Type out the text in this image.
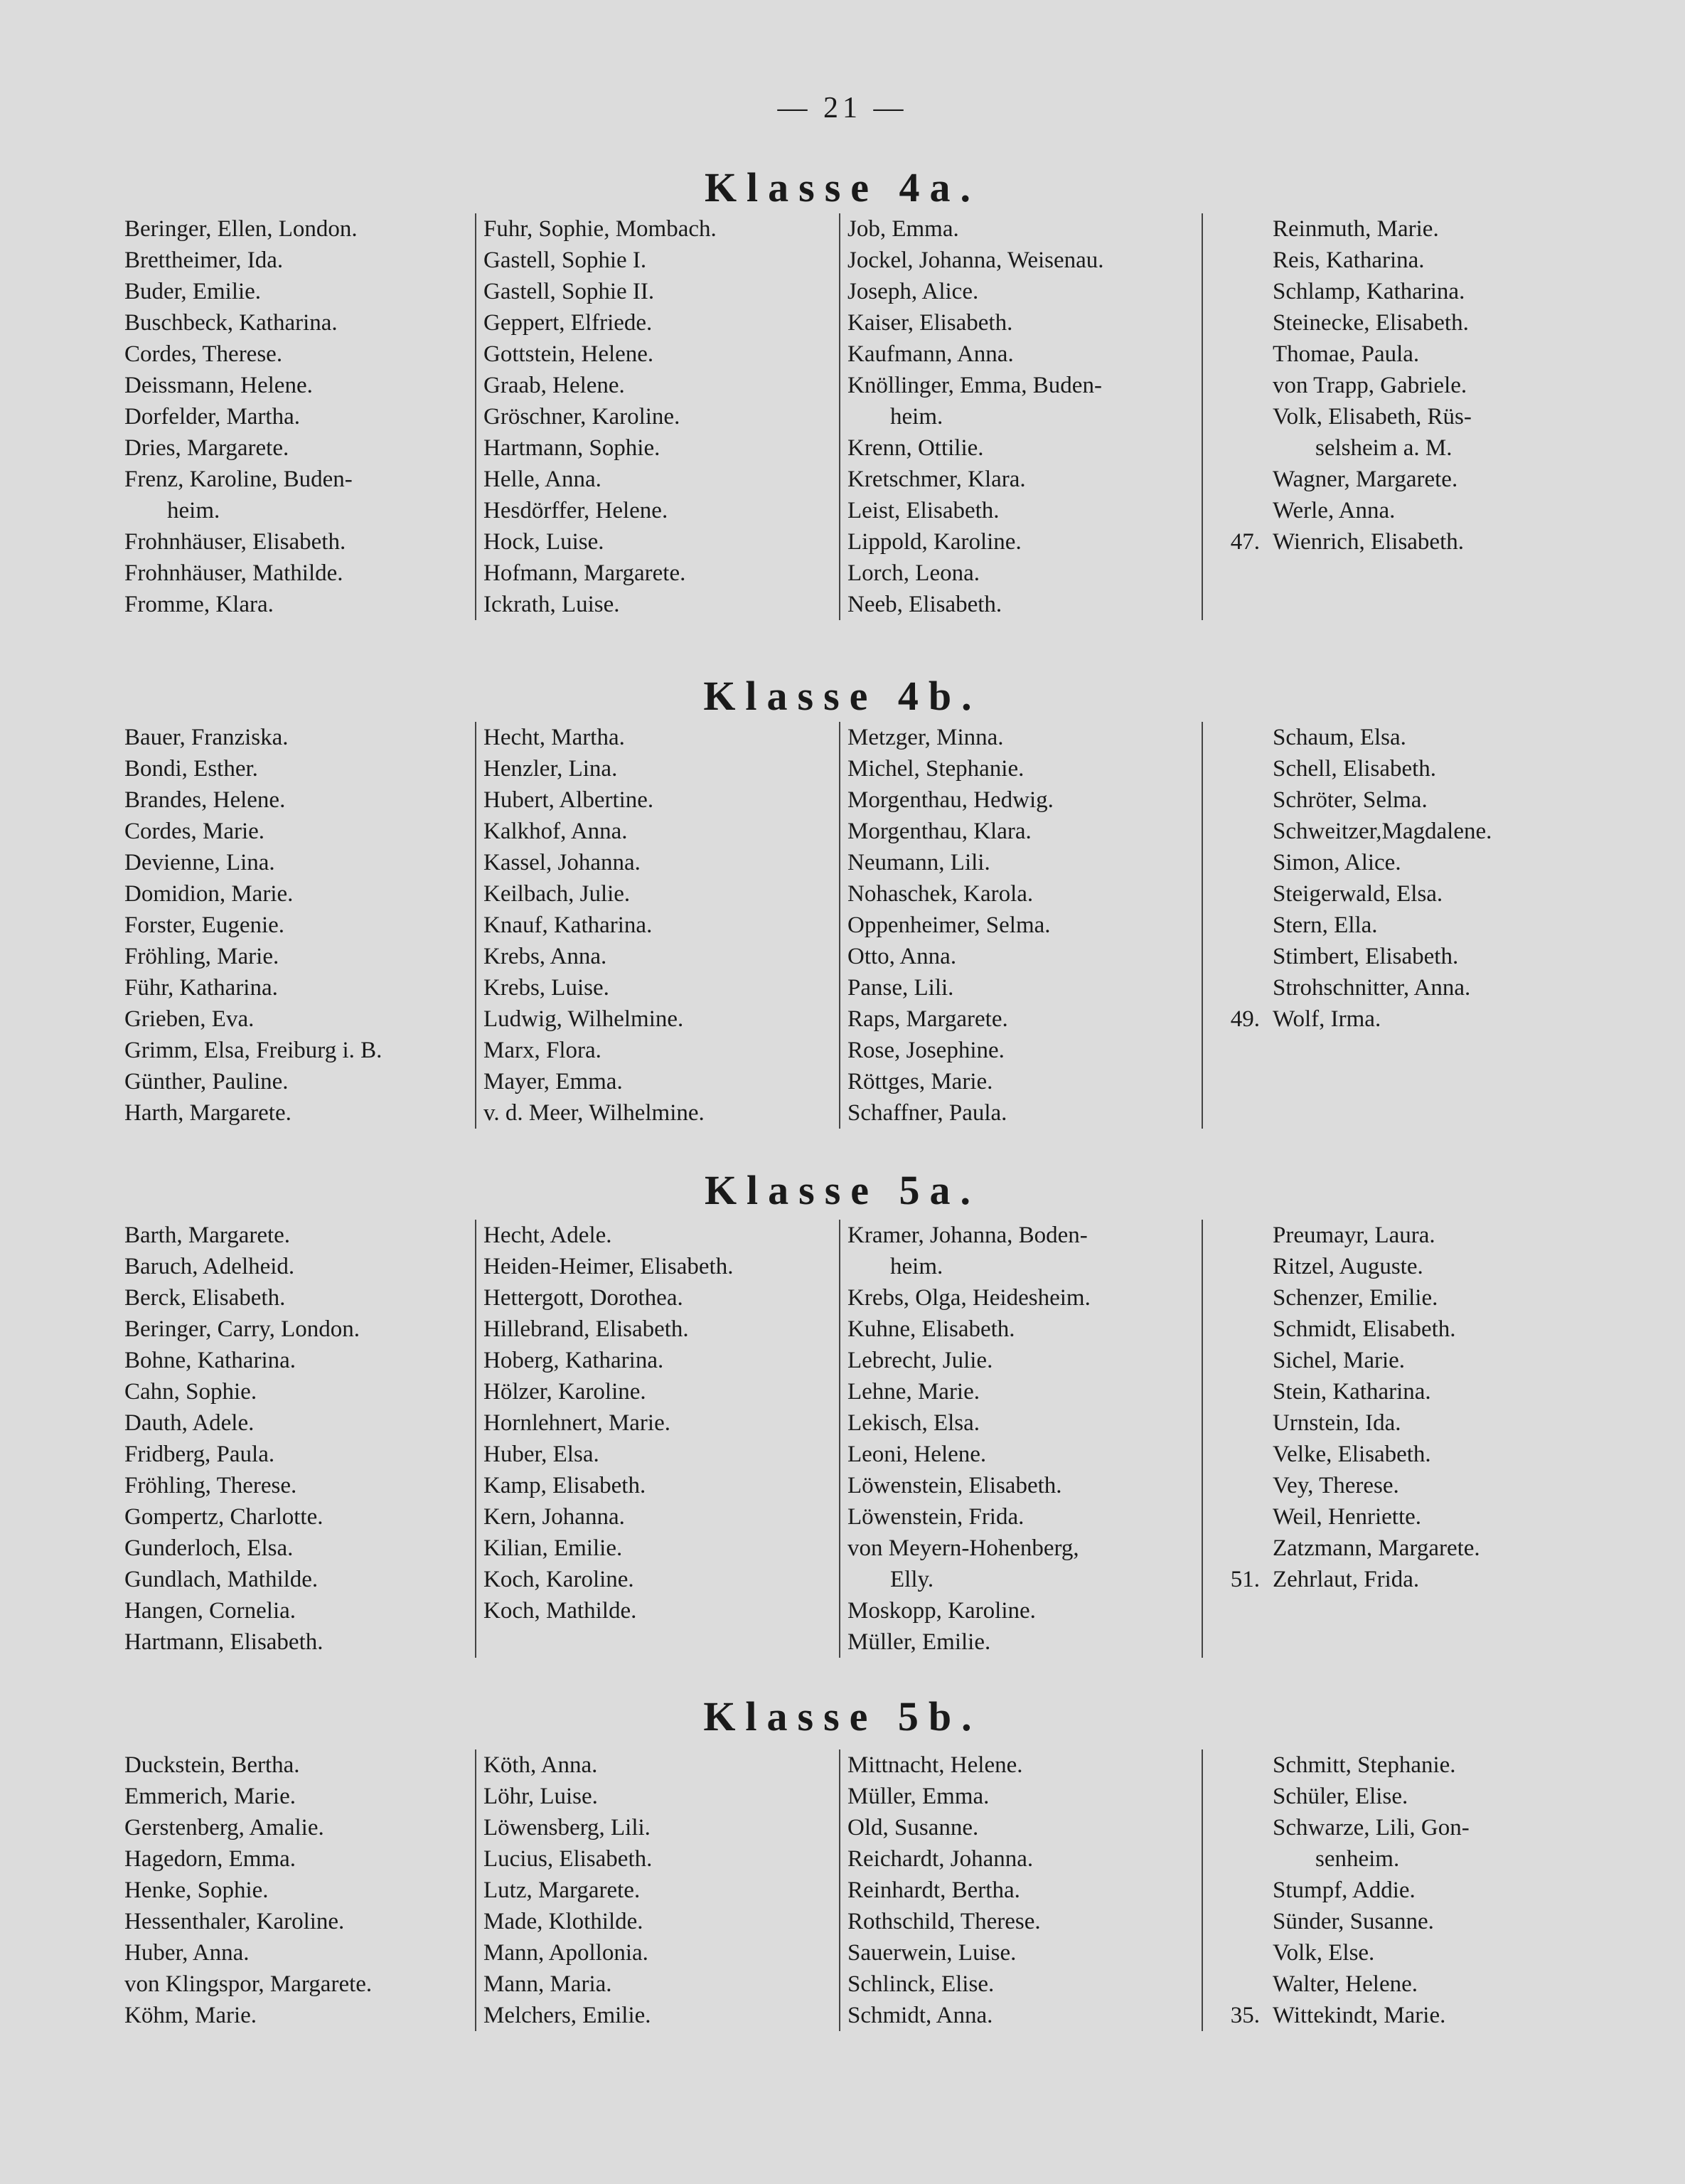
— 21 —
Beringer, Ellen, London.
Brettheimer, Ida.
Buder, Emilie.
Buschbeck, Katharina.
Cordes, Therese.
Deissmann, Helene.
Dorfelder, Martha.
Dries, Margarete.
Frenz, Karoline, Buden-
heim.
Frohnhäuser, Elisabeth.
Frohnhäuser, Mathilde.
Fromme, Klara.
Fuhr, Sophie, Mombach.
Gastell, Sophie I.
Gastell, Sophie II.
Geppert, Elfriede.
Gottstein, Helene.
Graab, Helene.
Gröschner, Karoline.
Hartmann, Sophie.
Helle, Anna.
Hesdörffer, Helene.
Hock, Luise.
Hofmann, Margarete.
Ickrath, Luise.
Job, Emma.
Jockel, Johanna, Weisenau.
Joseph, Alice.
Kaiser, Elisabeth.
Kaufmann, Anna.
Knöllinger, Emma, Buden-
heim.
Krenn, Ottilie.
Kretschmer, Klara.
Leist, Elisabeth.
Lippold, Karoline.
Lorch, Leona.
Neeb, Elisabeth.
Reinmuth, Marie.
Reis, Katharina.
Schlamp, Katharina.
Steinecke, Elisabeth.
Thomae, Paula.
von Trapp, Gabriele.
Volk, Elisabeth, Rüs-
selsheim a. M.
Wagner, Margarete.
Werle, Anna.
47. Wienrich, Elisabeth.
Bauer, Franziska.
Bondi, Esther.
Brandes, Helene.
Cordes, Marie.
Devienne, Lina.
Domidion, Marie.
Forster, Eugenie.
Fröhling, Marie.
Führ, Katharina.
Grieben, Eva.
Grimm, Elsa, Freiburg i. B.
Günther, Pauline.
Harth, Margarete.
Hecht, Martha.
Henzler, Lina.
Hubert, Albertine.
Kalkhof, Anna.
Kassel, Johanna.
Keilbach, Julie.
Knauf, Katharina.
Krebs, Anna.
Krebs, Luise.
Ludwig, Wilhelmine.
Marx, Flora.
Mayer, Emma.
v. d. Meer, Wilhelmine.
Metzger, Minna.
Michel, Stephanie.
Morgenthau, Hedwig.
Morgenthau, Klara.
Neumann, Lili.
Nohaschek, Karola.
Oppenheimer, Selma.
Otto, Anna.
Panse, Lili.
Raps, Margarete.
Rose, Josephine.
Röttges, Marie.
Schaffner, Paula.
Schaum, Elsa.
Schell, Elisabeth.
Schröter, Selma.
Schweitzer,Magdalene.
Simon, Alice.
Steigerwald, Elsa.
Stern, Ella.
Stimbert, Elisabeth.
Strohschnitter, Anna.
49. Wolf, Irma.
Barth, Margarete.
Baruch, Adelheid.
Berck, Elisabeth.
Beringer, Carry, London.
Bohne, Katharina.
Cahn, Sophie.
Dauth, Adele.
Fridberg, Paula.
Fröhling, Therese.
Gompertz, Charlotte.
Gunderloch, Elsa.
Gundlach, Mathilde.
Hangen, Cornelia.
Hartmann, Elisabeth.
Hecht, Adele.
Heiden-Heimer, Elisabeth.
Hettergott, Dorothea.
Hillebrand, Elisabeth.
Hoberg, Katharina.
Hölzer, Karoline.
Hornlehnert, Marie.
Huber, Elsa.
Kamp, Elisabeth.
Kern, Johanna.
Kilian, Emilie.
Koch, Karoline.
Koch, Mathilde.
Kramer, Johanna, Boden-
heim.
Krebs, Olga, Heidesheim.
Kuhne, Elisabeth.
Lebrecht, Julie.
Lehne, Marie.
Lekisch, Elsa.
Leoni, Helene.
Löwenstein, Elisabeth.
Löwenstein, Frida.
von Meyern-Hohenberg,
Elly.
Moskopp, Karoline.
Müller, Emilie.
Preumayr, Laura.
Ritzel, Auguste.
Schenzer, Emilie.
Schmidt, Elisabeth.
Sichel, Marie.
Stein, Katharina.
Urnstein, Ida.
Velke, Elisabeth.
Vey, Therese.
Weil, Henriette.
Zatzmann, Margarete.
51. Zehrlaut, Frida.
Duckstein, Bertha.
Emmerich, Marie.
Gerstenberg, Amalie.
Hagedorn, Emma.
Henke, Sophie.
Hessenthaler, Karoline.
Huber, Anna.
von Klingspor, Margarete.
Köhm, Marie.
Köth, Anna.
Löhr, Luise.
Löwensberg, Lili.
Lucius, Elisabeth.
Lutz, Margarete.
Made, Klothilde.
Mann, Apollonia.
Mann, Maria.
Melchers, Emilie.
Mittnacht, Helene.
Müller, Emma.
Old, Susanne.
Reichardt, Johanna.
Reinhardt, Bertha.
Rothschild, Therese.
Sauerwein, Luise.
Schlinck, Elise.
Schmidt, Anna.
Schmitt, Stephanie.
Schüler, Elise.
Schwarze, Lili, Gon-
senheim.
Stumpf, Addie.
Sünder, Susanne.
Volk, Else.
Walter, Helene.
35. Wittekindt, Marie.
Klasse 4a.
Klasse 4b.
Klasse 5a.
Klasse 5b.
